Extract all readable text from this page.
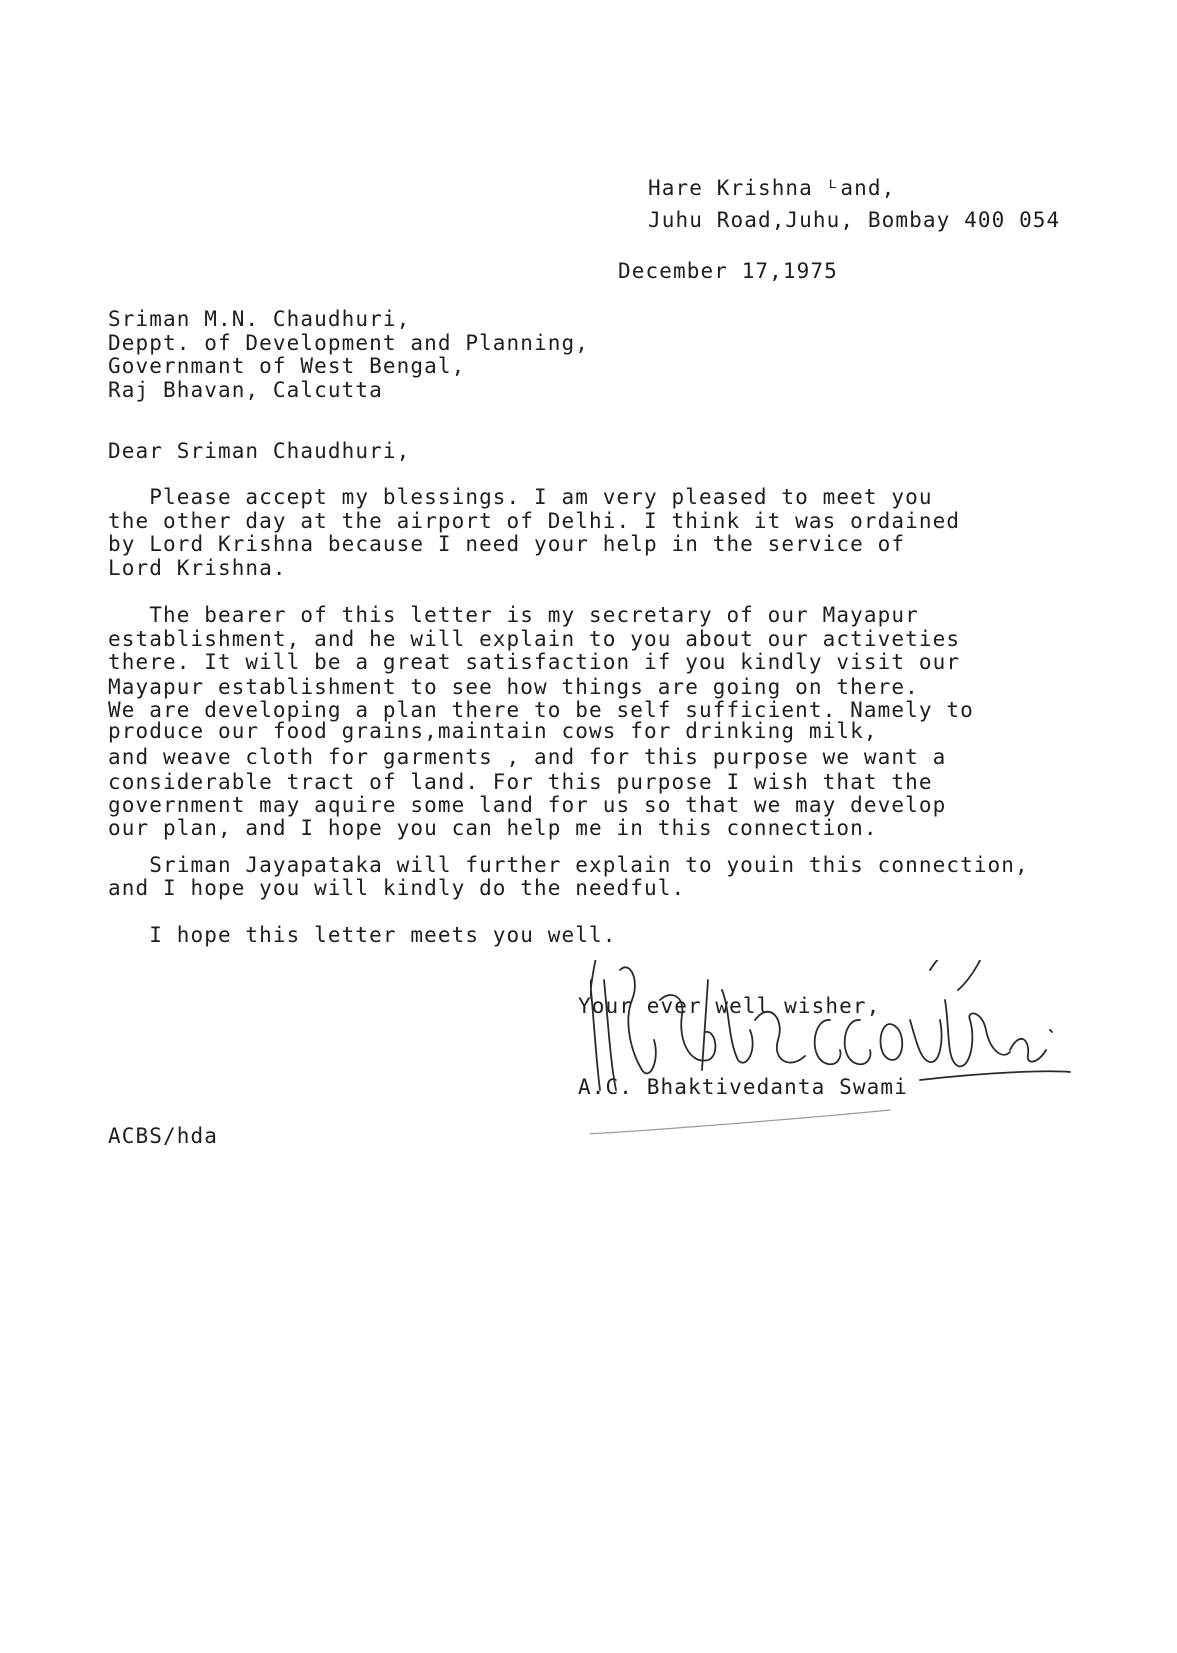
Hare Krishna ᴸand,
Juhu Road,Juhu, Bombay 400 054
December 17,1975
Sriman M.N. Chaudhuri,
Deppt. of Development and Planning,
Governmant of West Bengal,
Raj Bhavan, Calcutta
Dear Sriman Chaudhuri,
Please accept my blessings. I am very pleased to meet you
the other day at the airport of Delhi. I think it was ordained
by Lord Krishna because I need your help in the service of
Lord Krishna.
The bearer of this letter is my secretary of our Mayapur
establishment, and he will explain to you about our activeties
there. It will be a great satisfaction if you kindly visit our
Mayapur establishment to see how things are going on there.
We are developing a plan there to be self sufficient. Namely to
produce our food grains,maintain cows for drinking milk,
and weave cloth for garments , and for this purpose we want a
considerable tract of land. For this purpose I wish that the
government may aquire some land for us so that we may develop
our plan, and I hope you can help me in this connection.
Sriman Jayapataka will further explain to youin this connection,
and I hope you will kindly do the needful.
I hope this letter meets you well.
Your ever well wisher,
A.C. Bhaktivedanta Swami
ACBS/hda
